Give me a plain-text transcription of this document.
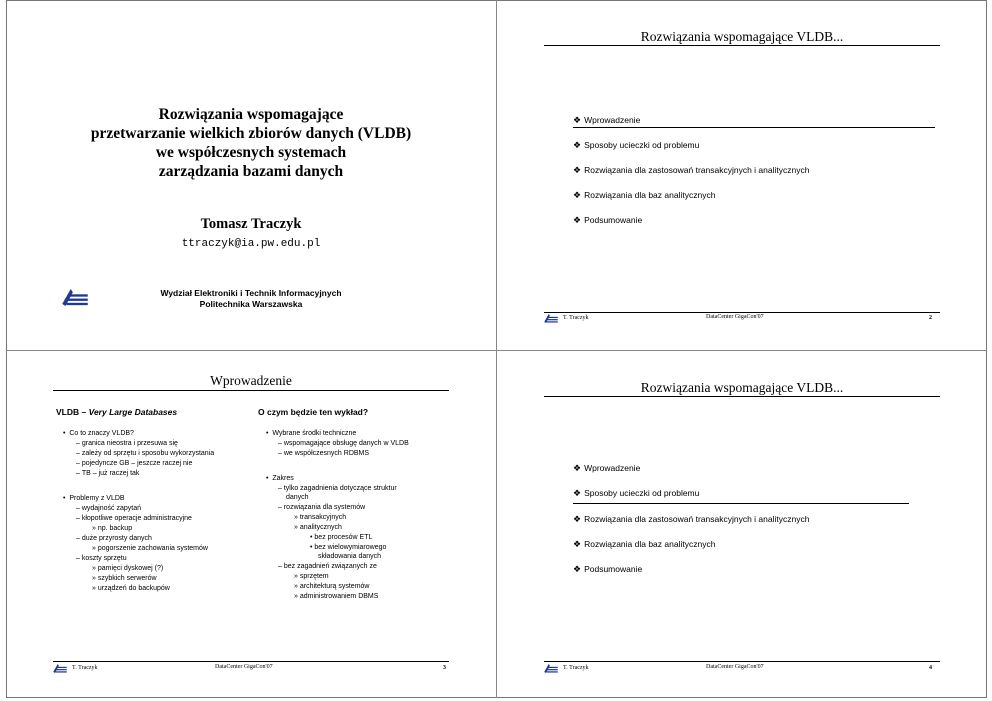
Rozwiązania wspomagające
przetwarzanie wielkich zbiorów danych (VLDB)
we współczesnych systemach
zarządzania bazami danych
Tomasz Traczyk
ttraczyk@ia.pw.edu.pl
Wydział Elektroniki i Technik Informacyjnych
Politechnika Warszawska
Rozwiązania wspomagające VLDB...
❖ Wprowadzenie
❖ Sposoby ucieczki od problemu
❖ Rozwiązania dla zastosowań transakcyjnych i analitycznych
❖ Rozwiązania dla baz analitycznych
❖ Podsumowanie
T. Traczyk	DataCenter GigaCon'07	2
Wprowadzenie
VLDB – Very Large Databases	O czym będzie ten wykład?
•  Co to znaczy VLDB?
– granica nieostra i przesuwa się
– zależy od sprzętu i sposobu wykorzystania
– pojedyncze GB – jeszcze raczej nie
– TB – już raczej tak
•  Problemy z VLDB
– wydajność zapytań
– kłopotliwe operacje administracyjne
» np. backup
– duże przyrosty danych
» pogorszenie zachowania systemów
– koszty sprzętu
» pamięci dyskowej (?)
» szybkich serwerów
» urządzeń do backupów
•  Wybrane środki techniczne
– wspomagające obsługę danych w VLDB
– we współczesnych RDBMS
•  Zakres
– tylko zagadnienia dotyczące struktur
danych
– rozwiązania dla systemów
» transakcyjnych
» analitycznych
• bez procesów ETL
• bez wielowymiarowego
składowania danych
– bez zagadnień związanych ze
» sprzętem
» architekturą systemów
» administrowaniem DBMS
T. Traczyk	DataCenter GigaCon'07	3
Rozwiązania wspomagające VLDB...
❖ Wprowadzenie
❖ Sposoby ucieczki od problemu
❖ Rozwiązania dla zastosowań transakcyjnych i analitycznych
❖ Rozwiązania dla baz analitycznych
❖ Podsumowanie
T. Traczyk	DataCenter GigaCon'07	4
